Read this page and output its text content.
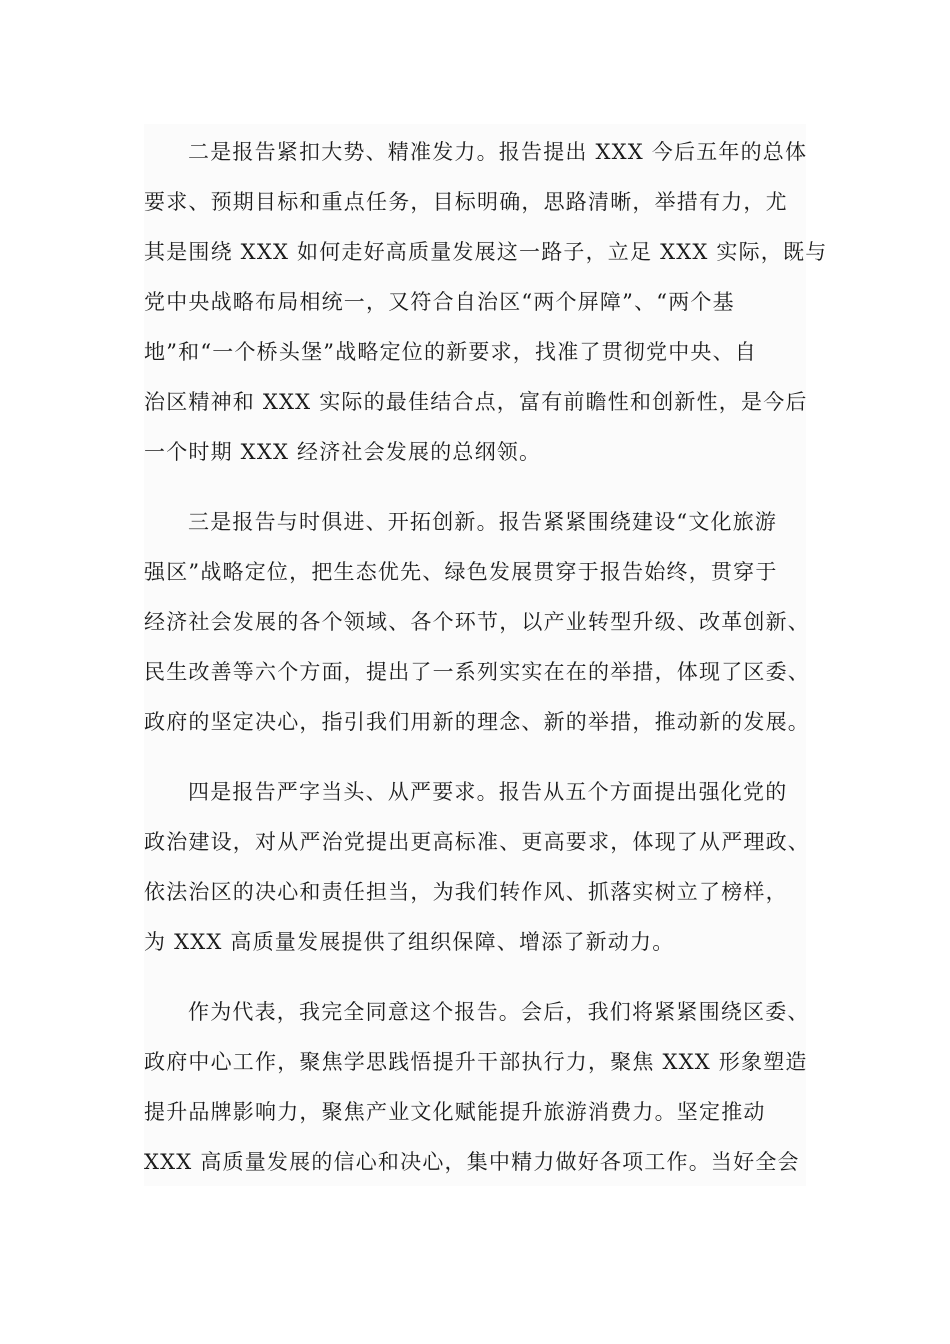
二是报告紧扣大势、精准发力。报告提出 XXX 今后五年的总体
要求、预期目标和重点任务，目标明确，思路清晰，举措有力，尤
其是围绕 XXX 如何走好高质量发展这一路子，立足 XXX 实际，既与
党中央战略布局相统一，又符合自治区“两个屏障”、“两个基
地”和“一个桥头堡”战略定位的新要求，找准了贯彻党中央、自
治区精神和 XXX 实际的最佳结合点，富有前瞻性和创新性，是今后
一个时期 XXX 经济社会发展的总纲领。
三是报告与时俱进、开拓创新。报告紧紧围绕建设“文化旅游
强区”战略定位，把生态优先、绿色发展贯穿于报告始终，贯穿于
经济社会发展的各个领域、各个环节，以产业转型升级、改革创新、
民生改善等六个方面，提出了一系列实实在在的举措，体现了区委、
政府的坚定决心，指引我们用新的理念、新的举措，推动新的发展。
四是报告严字当头、从严要求。报告从五个方面提出强化党的
政治建设，对从严治党提出更高标准、更高要求，体现了从严理政、
依法治区的决心和责任担当，为我们转作风、抓落实树立了榜样，
为 XXX 高质量发展提供了组织保障、增添了新动力。
作为代表，我完全同意这个报告。会后，我们将紧紧围绕区委、
政府中心工作，聚焦学思践悟提升干部执行力，聚焦 XXX 形象塑造
提升品牌影响力，聚焦产业文化赋能提升旅游消费力。坚定推动
XXX 高质量发展的信心和决心，集中精力做好各项工作。当好全会
